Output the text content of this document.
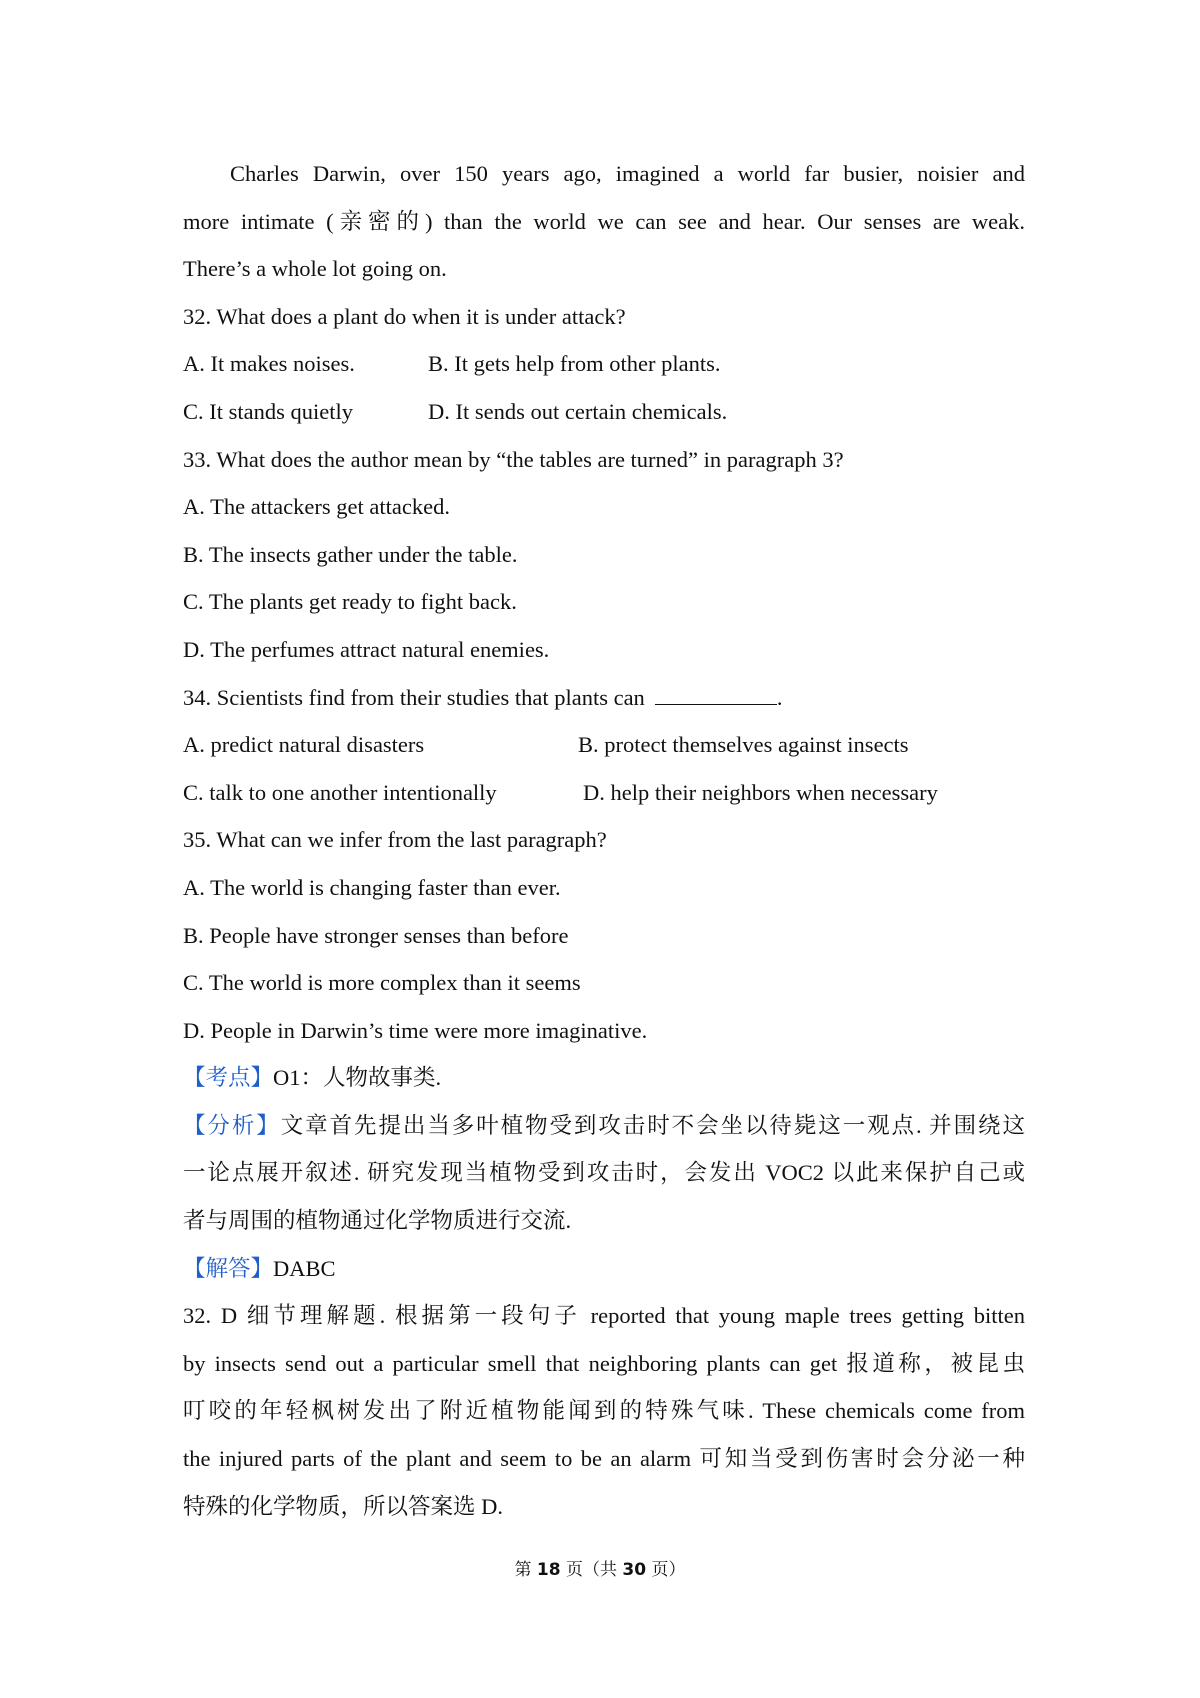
Charles Darwin, over 150 years ago, imagined a world far busier, noisier and
more intimate (亲密的) than the world we can see and hear. Our senses are weak.
There’s a whole lot going on.
32. What does a plant do when it is under attack?
A. It makes noises.	B. It gets help from other plants.
C. It stands quietly	D. It sends out certain chemicals.
33. What does the author mean by “the tables are turned” in paragraph 3?
A. The attackers get attacked.
B. The insects gather under the table.
C. The plants get ready to fight back.
D. The perfumes attract natural enemies.
34. Scientists find from their studies that plants can	.
A. predict natural disasters	B. protect themselves against insects
C. talk to one another intentionally	D. help their neighbors when necessary
35. What can we infer from the last paragraph?
A. The world is changing faster than ever.
B. People have stronger senses than before
C. The world is more complex than it seems
D. People in Darwin’s time were more imaginative.
【考点】O1：人物故事类.
【分析】文章首先提出当多叶植物受到攻击时不会坐以待毙这一观点. 并围绕这
一论点展开叙述. 研究发现当植物受到攻击时，会发出 VOC2 以此来保护自己或
者与周围的植物通过化学物质进行交流.
【解答】DABC
32. D 细节理解题. 根据第一段句子 reported that young maple trees getting bitten
by insects send out a particular smell that neighboring plants can get 报道称，被昆虫
叮咬的年轻枫树发出了附近植物能闻到的特殊气味. These chemicals come from
the injured parts of the plant and seem to be an alarm 可知当受到伤害时会分泌一种
特殊的化学物质，所以答案选 D.
第 18 页（共 30 页）
